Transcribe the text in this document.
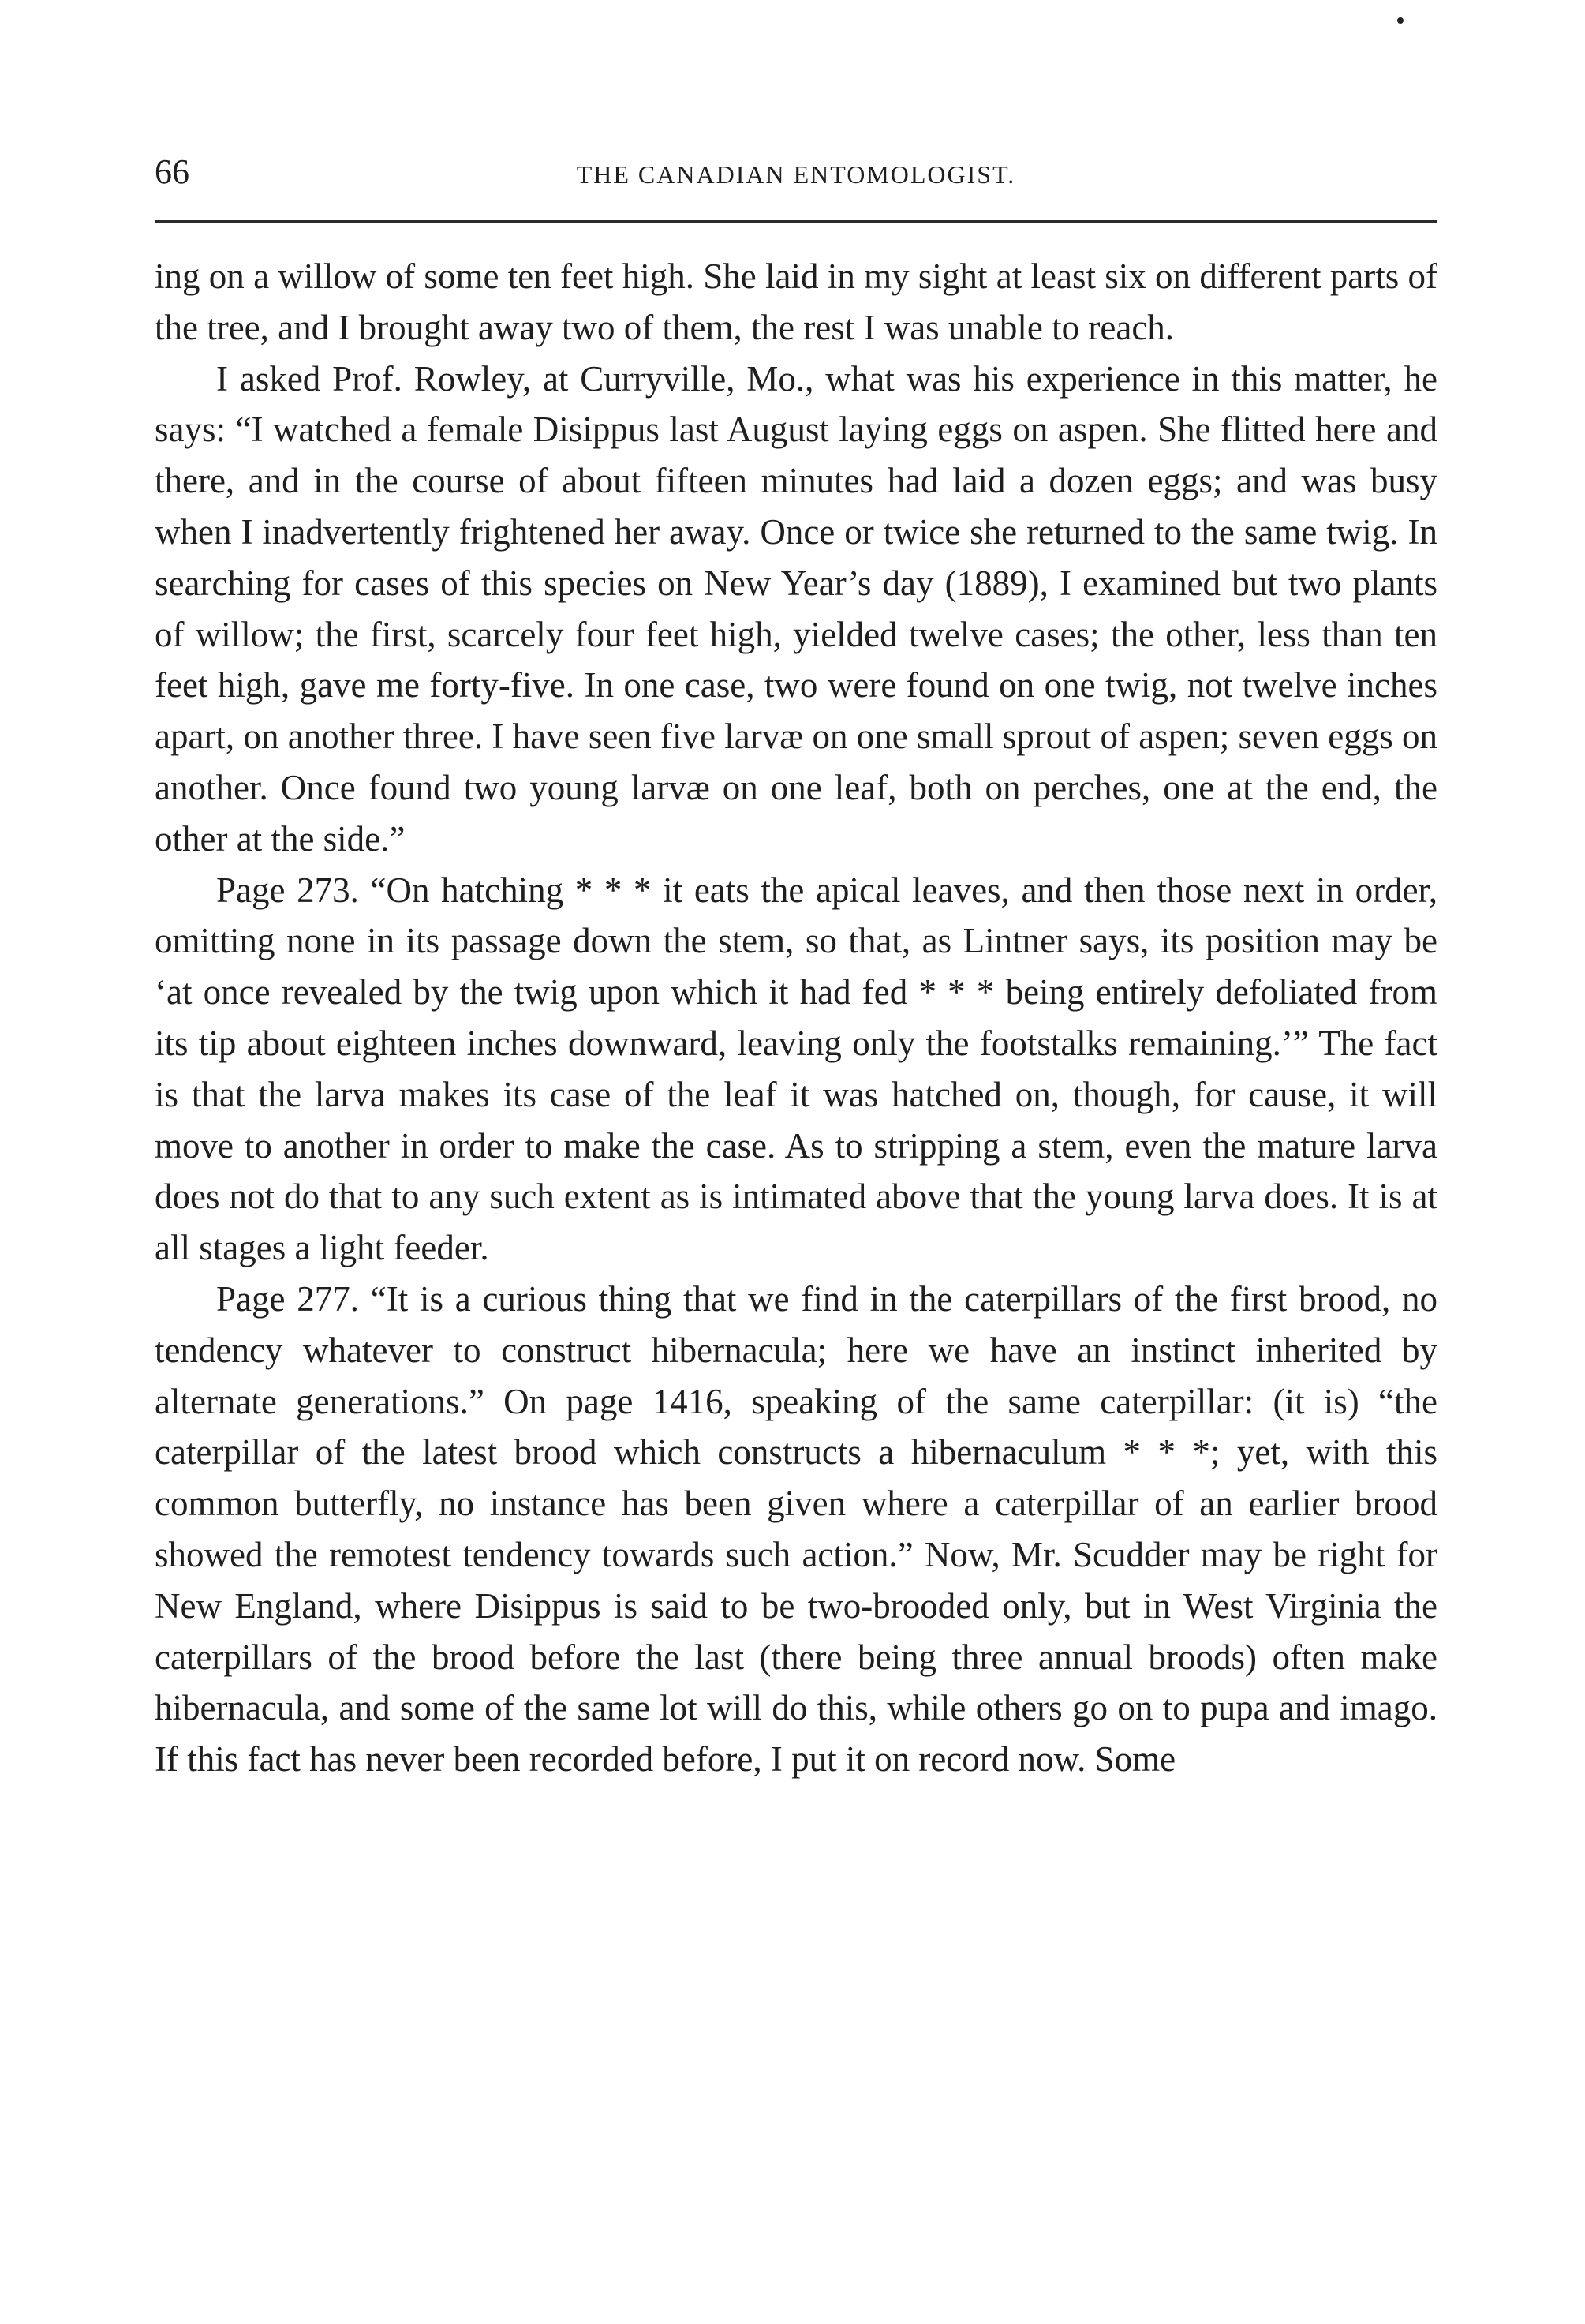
66	THE CANADIAN ENTOMOLOGIST.

ing on a willow of some ten feet high. She laid in my sight at least six on different parts of the tree, and I brought away two of them, the rest I was unable to reach.

I asked Prof. Rowley, at Curryville, Mo., what was his experience in this matter, he says: “I watched a female Disippus last August laying eggs on aspen. She flitted here and there, and in the course of about fifteen minutes had laid a dozen eggs; and was busy when I inadvertently frightened her away. Once or twice she returned to the same twig. In searching for cases of this species on New Year’s day (1889), I examined but two plants of willow; the first, scarcely four feet high, yielded twelve cases; the other, less than ten feet high, gave me forty-five. In one case, two were found on one twig, not twelve inches apart, on another three. I have seen five larvæ on one small sprout of aspen; seven eggs on another. Once found two young larvæ on one leaf, both on perches, one at the end, the other at the side.”

Page 273. “On hatching * * * it eats the apical leaves, and then those next in order, omitting none in its passage down the stem, so that, as Lintner says, its position may be ‘at once revealed by the twig upon which it had fed * * * being entirely defoliated from its tip about eighteen inches downward, leaving only the footstalks remaining.’” The fact is that the larva makes its case of the leaf it was hatched on, though, for cause, it will move to another in order to make the case. As to stripping a stem, even the mature larva does not do that to any such extent as is intimated above that the young larva does. It is at all stages a light feeder.

Page 277. “It is a curious thing that we find in the caterpillars of the first brood, no tendency whatever to construct hibernacula; here we have an instinct inherited by alternate generations.” On page 1416, speaking of the same caterpillar: (it is) “the caterpillar of the latest brood which constructs a hibernaculum * * *; yet, with this common butterfly, no instance has been given where a caterpillar of an earlier brood showed the remotest tendency towards such action.” Now, Mr. Scudder may be right for New England, where Disippus is said to be two-brooded only, but in West Virginia the caterpillars of the brood before the last (there being three annual broods) often make hibernacula, and some of the same lot will do this, while others go on to pupa and imago. If this fact has never been recorded before, I put it on record now. Some
